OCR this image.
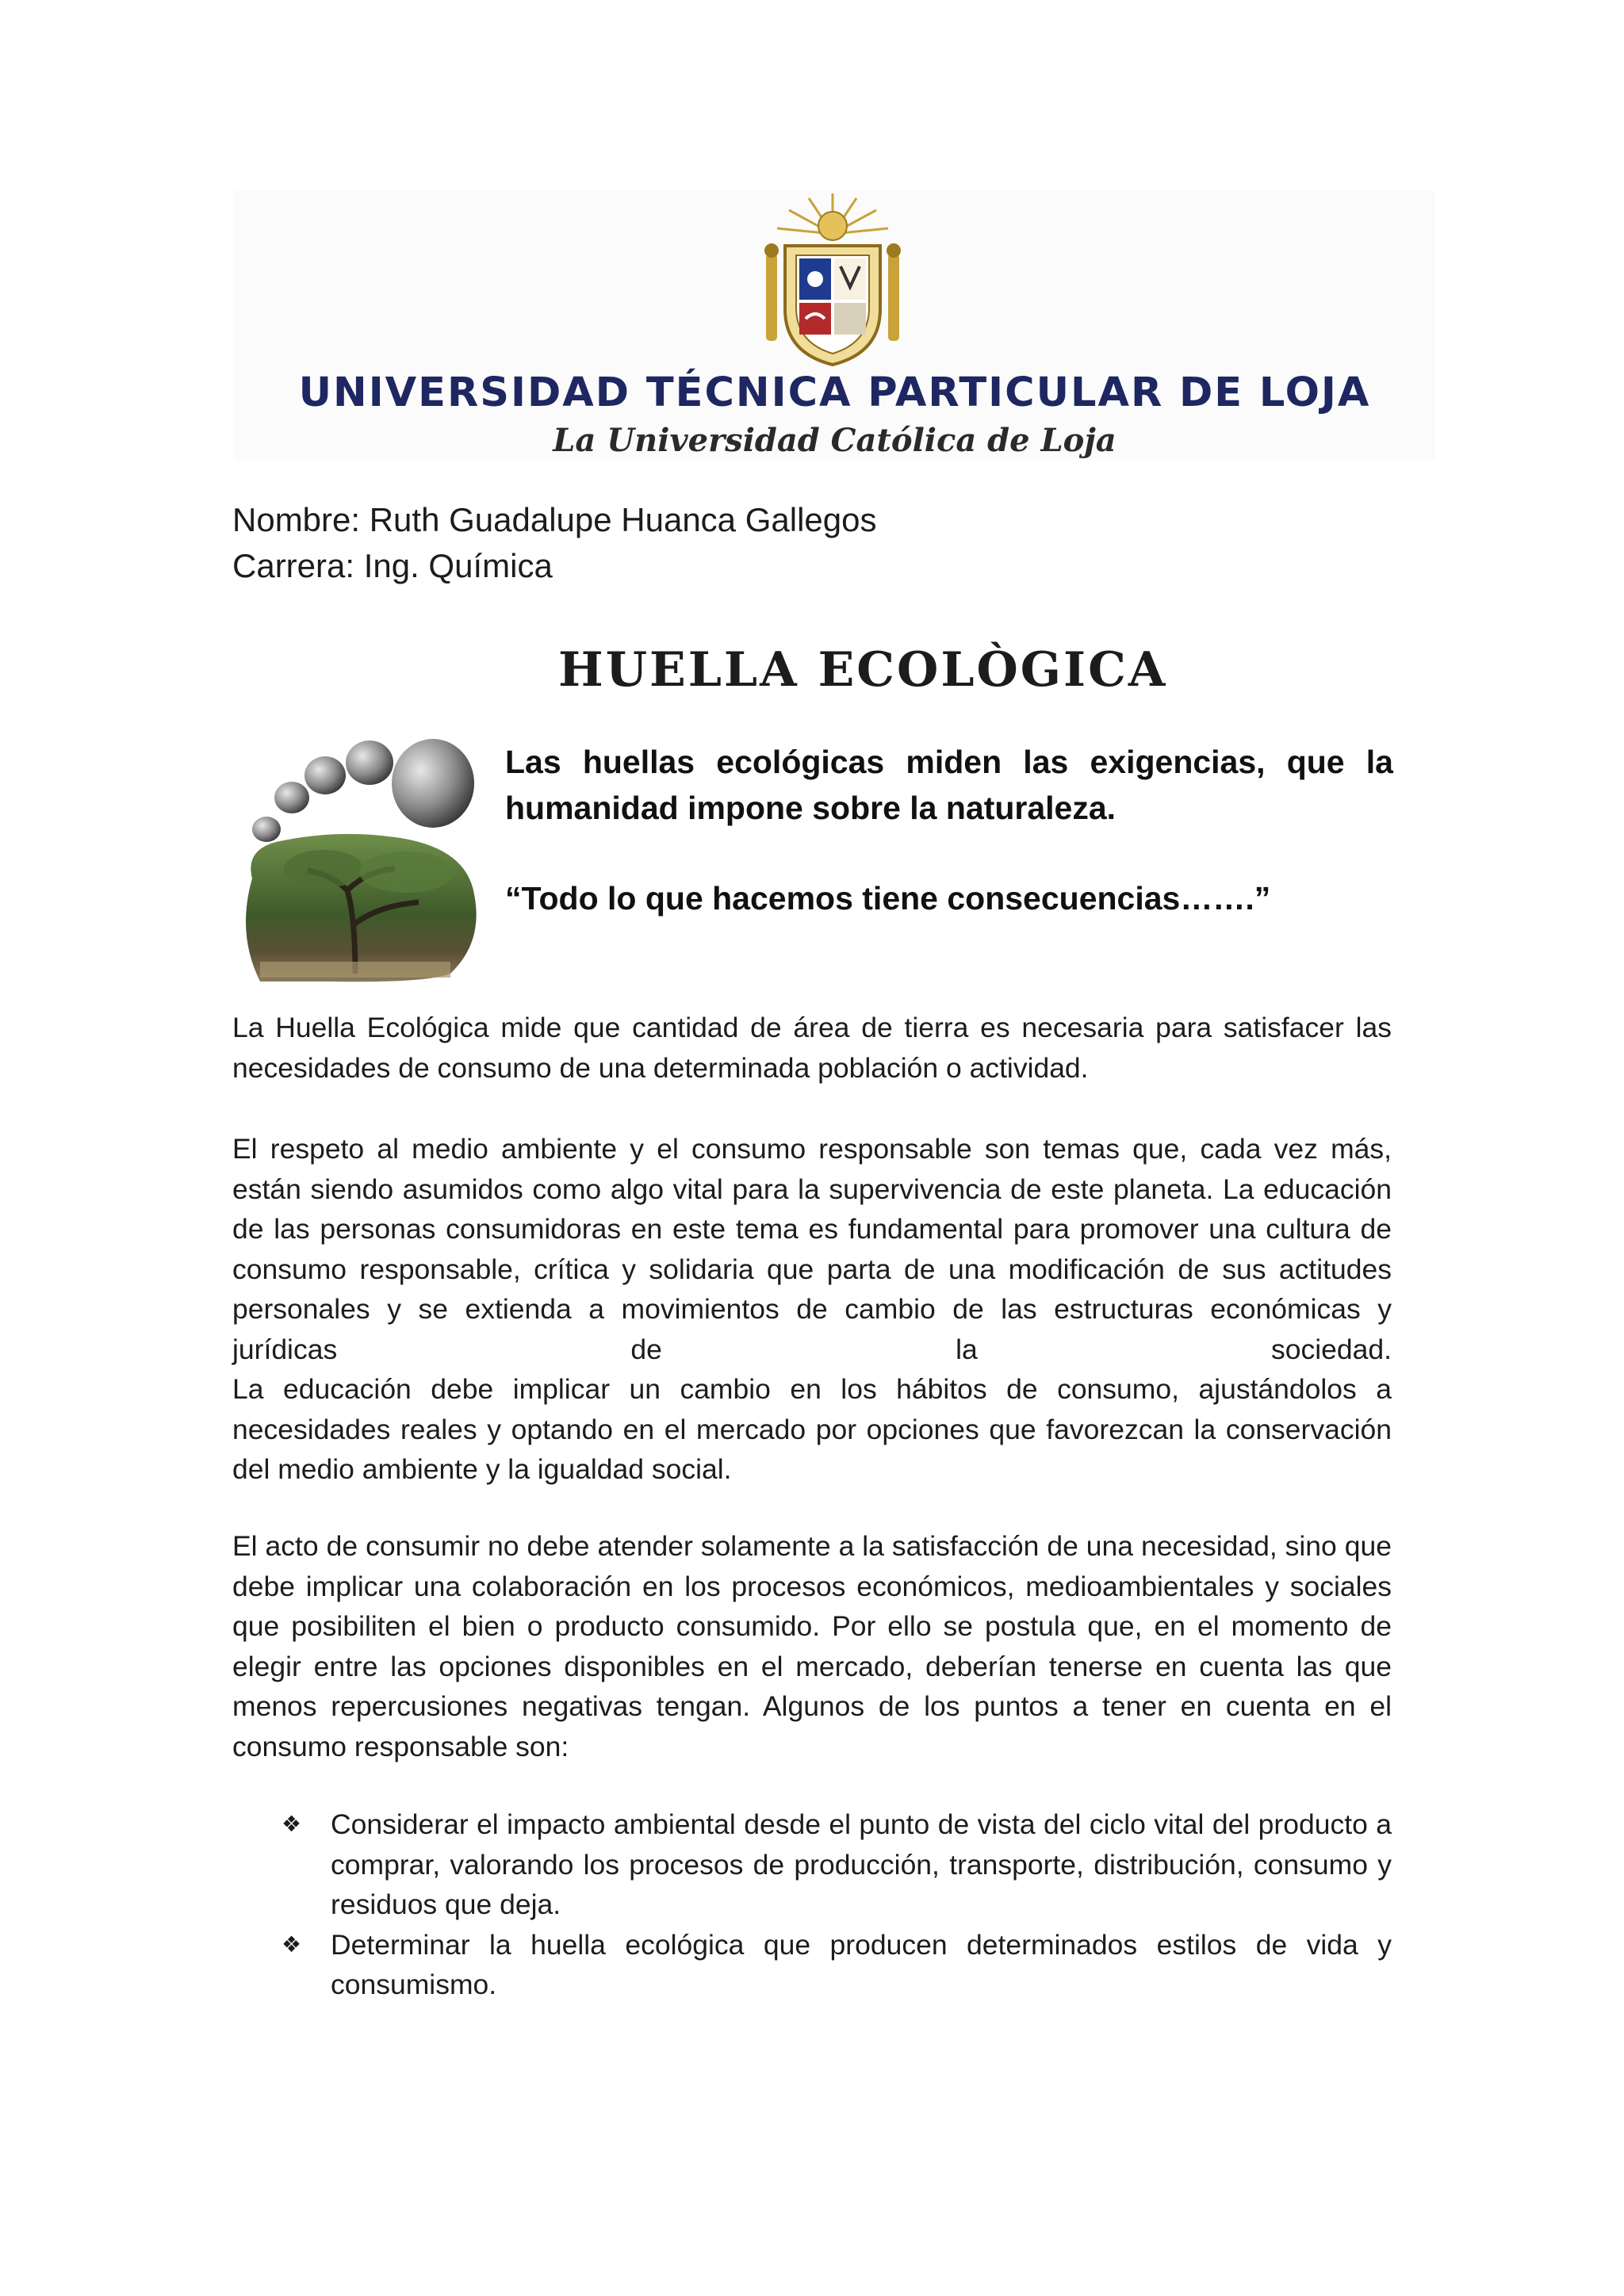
UNIVERSIDAD TÉCNICA PARTICULAR DE LOJA
La Universidad Católica de Loja
Nombre: Ruth Guadalupe Huanca Gallegos
Carrera: Ing. Química
HUELLA ECOLÒGICA
Las huellas ecológicas miden las exigencias, que la humanidad impone sobre la naturaleza.
“Todo lo que hacemos tiene consecuencias…….”

La Huella Ecológica mide que cantidad de área de tierra es necesaria para satisfacer las necesidades de consumo de una determinada población o actividad.

El respeto al medio ambiente y el consumo responsable son temas que, cada vez más, están siendo asumidos como algo vital para la supervivencia de este planeta. La educación de las personas consumidoras en este tema es fundamental para promover una cultura de consumo responsable, crítica y solidaria que parta de una modificación de sus actitudes personales y se extienda a movimientos de cambio de las estructuras económicas y jurídicas de la sociedad.
La educación debe implicar un cambio en los hábitos de consumo, ajustándolos a necesidades reales y optando en el mercado por opciones que favorezcan la conservación del medio ambiente y la igualdad social.

El acto de consumir no debe atender solamente a la satisfacción de una necesidad, sino que debe implicar una colaboración en los procesos económicos, medioambientales y sociales que posibiliten el bien o producto consumido. Por ello se postula que, en el momento de elegir entre las opciones disponibles en el mercado, deberían tenerse en cuenta las que menos repercusiones negativas tengan. Algunos de los puntos a tener en cuenta en el consumo responsable son:

❖	Considerar el impacto ambiental desde el punto de vista del ciclo vital del producto a comprar, valorando los procesos de producción, transporte, distribución, consumo y residuos que deja.
❖	Determinar la huella ecológica que producen determinados estilos de vida y consumismo.
